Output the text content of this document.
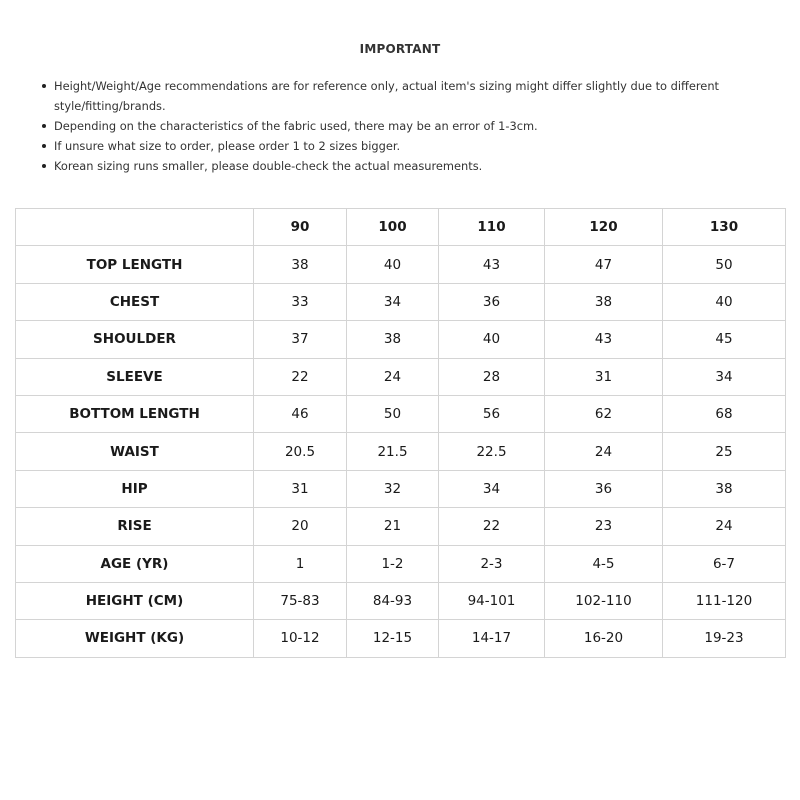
IMPORTANT
Height/Weight/Age recommendations are for reference only, actual item's sizing might differ slightly due to different style/fitting/brands.
Depending on the characteristics of the fabric used, there may be an error of 1-3cm.
If unsure what size to order, please order 1 to 2 sizes bigger.
Korean sizing runs smaller, please double-check the actual measurements.
	90	100	110	120	130
TOP LENGTH	38	40	43	47	50
CHEST	33	34	36	38	40
SHOULDER	37	38	40	43	45
SLEEVE	22	24	28	31	34
BOTTOM LENGTH	46	50	56	62	68
WAIST	20.5	21.5	22.5	24	25
HIP	31	32	34	36	38
RISE	20	21	22	23	24
AGE (YR)	1	1-2	2-3	4-5	6-7
HEIGHT (CM)	75-83	84-93	94-101	102-110	111-120
WEIGHT (KG)	10-12	12-15	14-17	16-20	19-23
